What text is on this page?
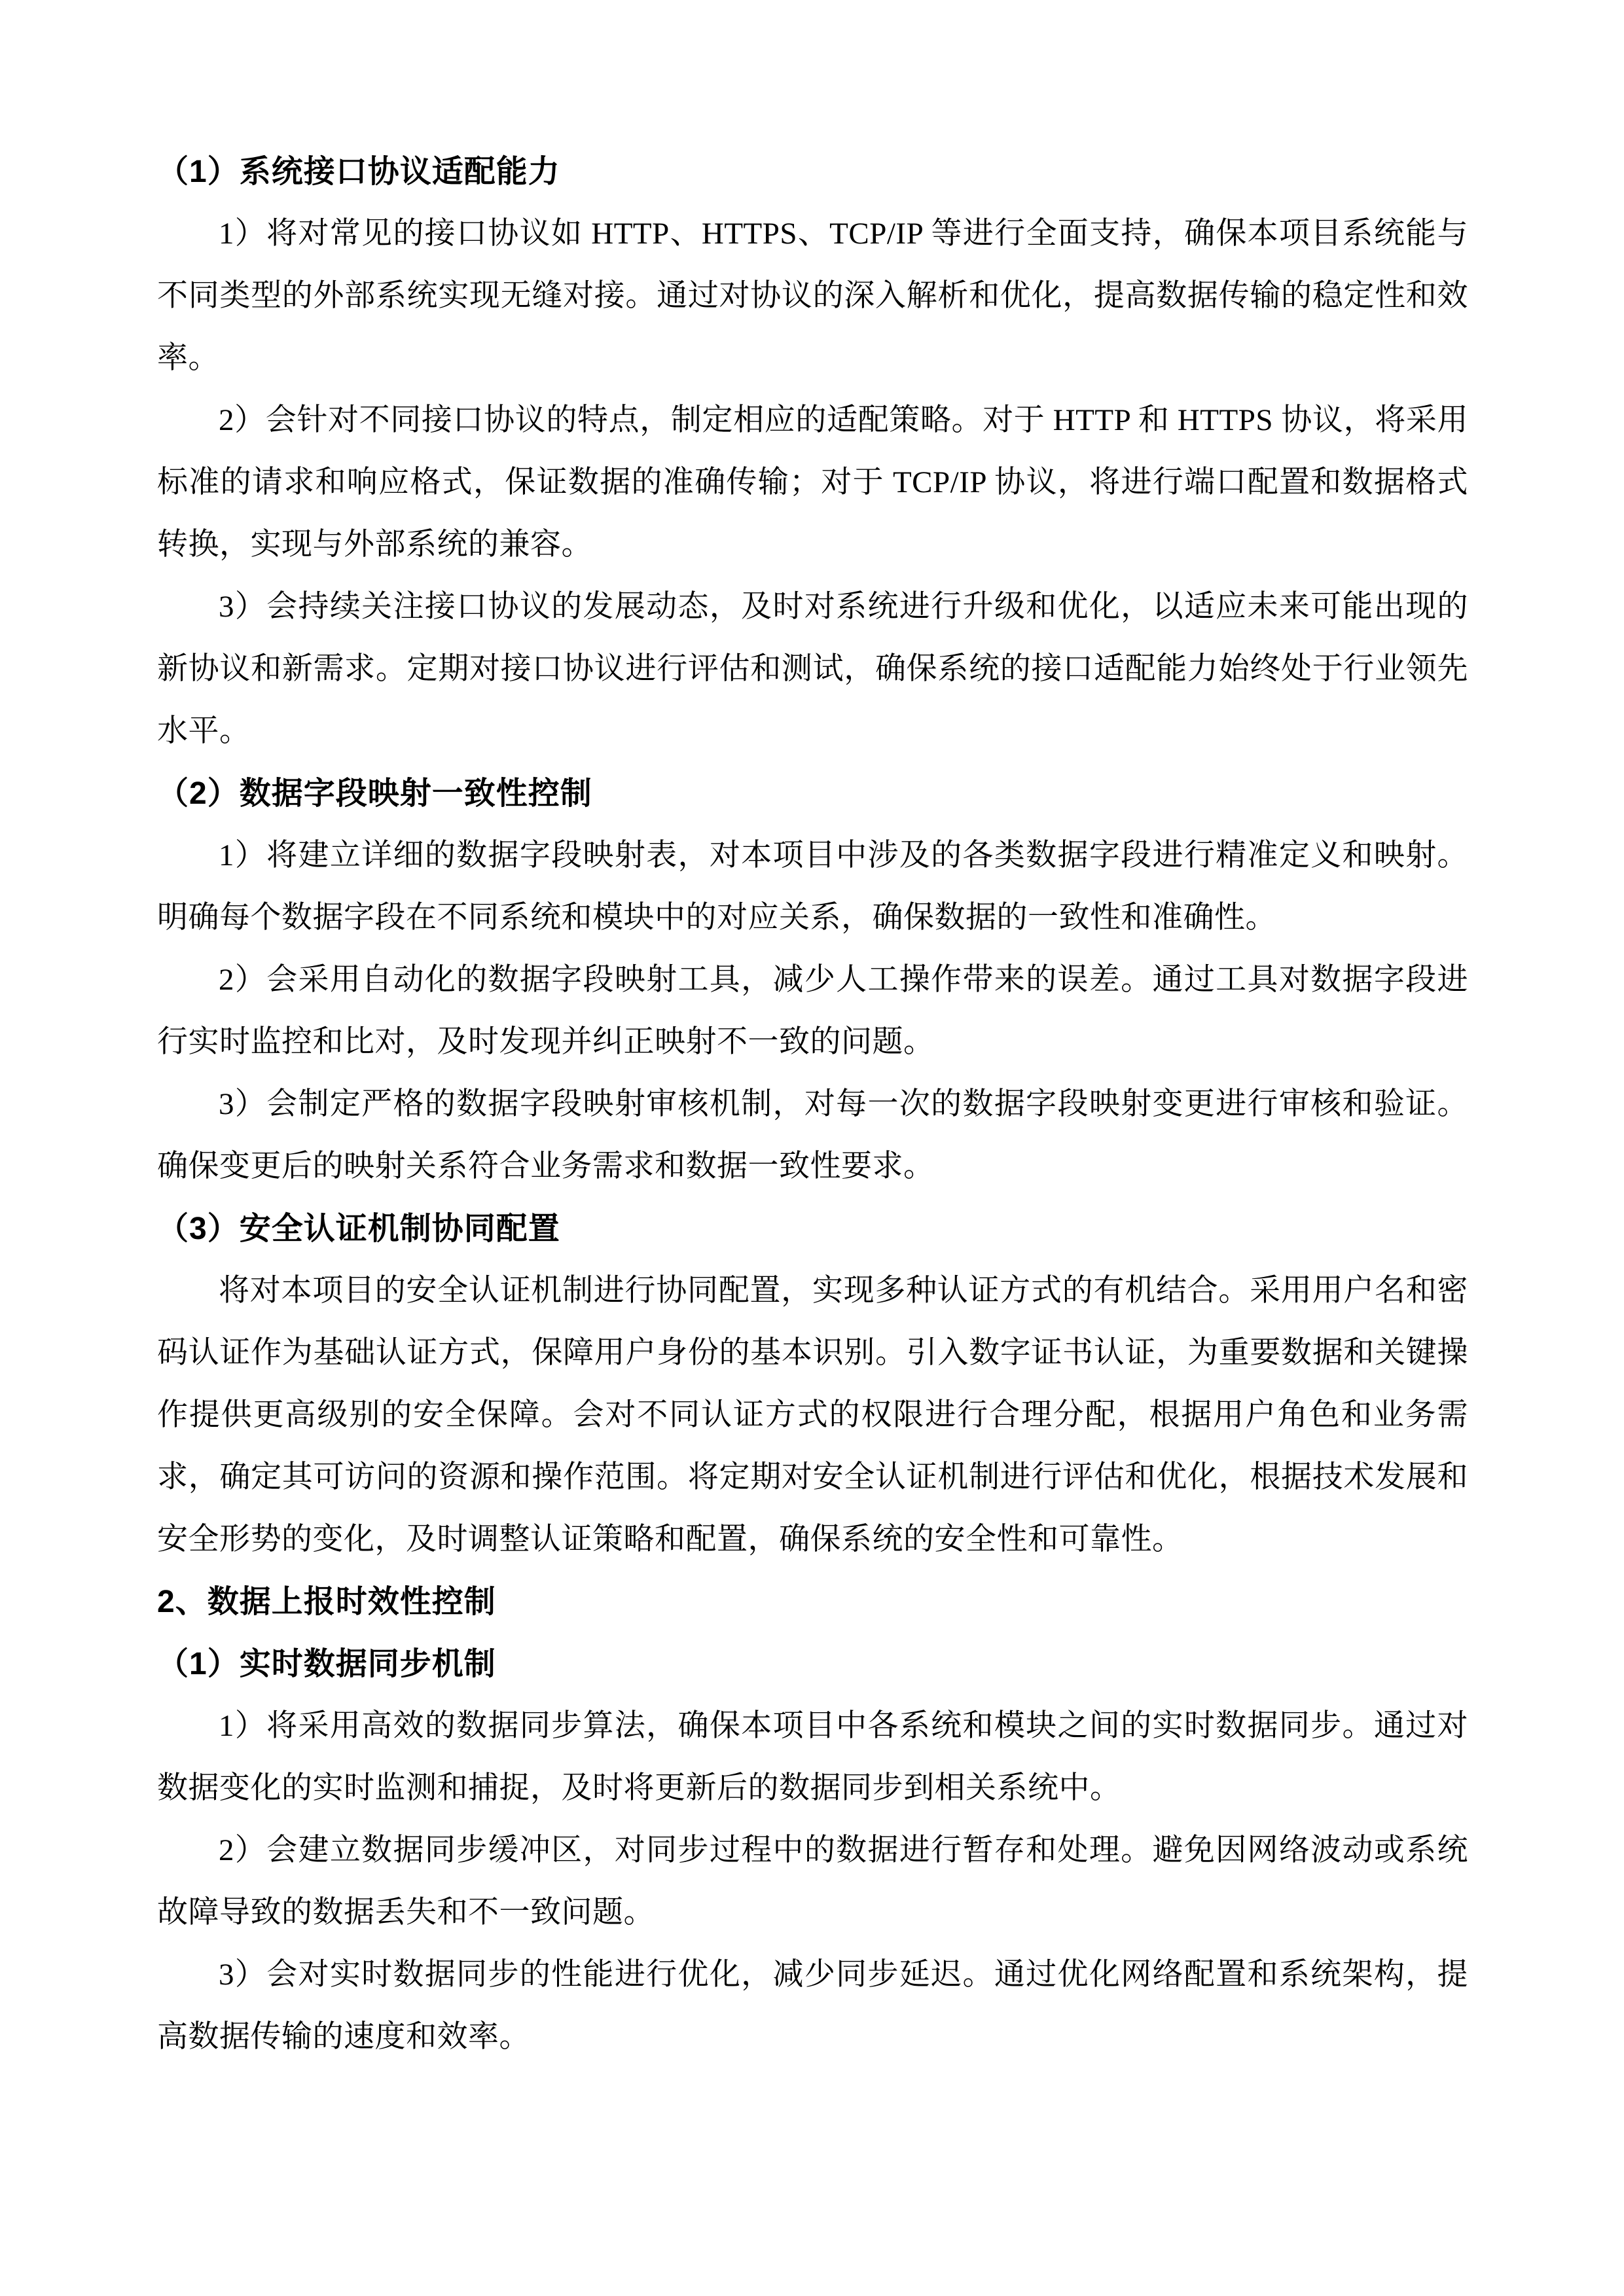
（1）系统接口协议适配能力

1）将对常见的接口协议如 HTTP、HTTPS、TCP/IP 等进行全面支持，确保本项目系统能与不同类型的外部系统实现无缝对接。通过对协议的深入解析和优化，提高数据传输的稳定性和效率。

2）会针对不同接口协议的特点，制定相应的适配策略。对于 HTTP 和 HTTPS 协议，将采用标准的请求和响应格式，保证数据的准确传输；对于 TCP/IP 协议，将进行端口配置和数据格式转换，实现与外部系统的兼容。

3）会持续关注接口协议的发展动态，及时对系统进行升级和优化，以适应未来可能出现的新协议和新需求。定期对接口协议进行评估和测试，确保系统的接口适配能力始终处于行业领先水平。

（2）数据字段映射一致性控制

1）将建立详细的数据字段映射表，对本项目中涉及的各类数据字段进行精准定义和映射。明确每个数据字段在不同系统和模块中的对应关系，确保数据的一致性和准确性。

2）会采用自动化的数据字段映射工具，减少人工操作带来的误差。通过工具对数据字段进行实时监控和比对，及时发现并纠正映射不一致的问题。

3）会制定严格的数据字段映射审核机制，对每一次的数据字段映射变更进行审核和验证。确保变更后的映射关系符合业务需求和数据一致性要求。

（3）安全认证机制协同配置

将对本项目的安全认证机制进行协同配置，实现多种认证方式的有机结合。采用用户名和密码认证作为基础认证方式，保障用户身份的基本识别。引入数字证书认证，为重要数据和关键操作提供更高级别的安全保障。会对不同认证方式的权限进行合理分配，根据用户角色和业务需求，确定其可访问的资源和操作范围。将定期对安全认证机制进行评估和优化，根据技术发展和安全形势的变化，及时调整认证策略和配置，确保系统的安全性和可靠性。

2、数据上报时效性控制
（1）实时数据同步机制

1）将采用高效的数据同步算法，确保本项目中各系统和模块之间的实时数据同步。通过对数据变化的实时监测和捕捉，及时将更新后的数据同步到相关系统中。

2）会建立数据同步缓冲区，对同步过程中的数据进行暂存和处理。避免因网络波动或系统故障导致的数据丢失和不一致问题。

3）会对实时数据同步的性能进行优化，减少同步延迟。通过优化网络配置和系统架构，提高数据传输的速度和效率。
